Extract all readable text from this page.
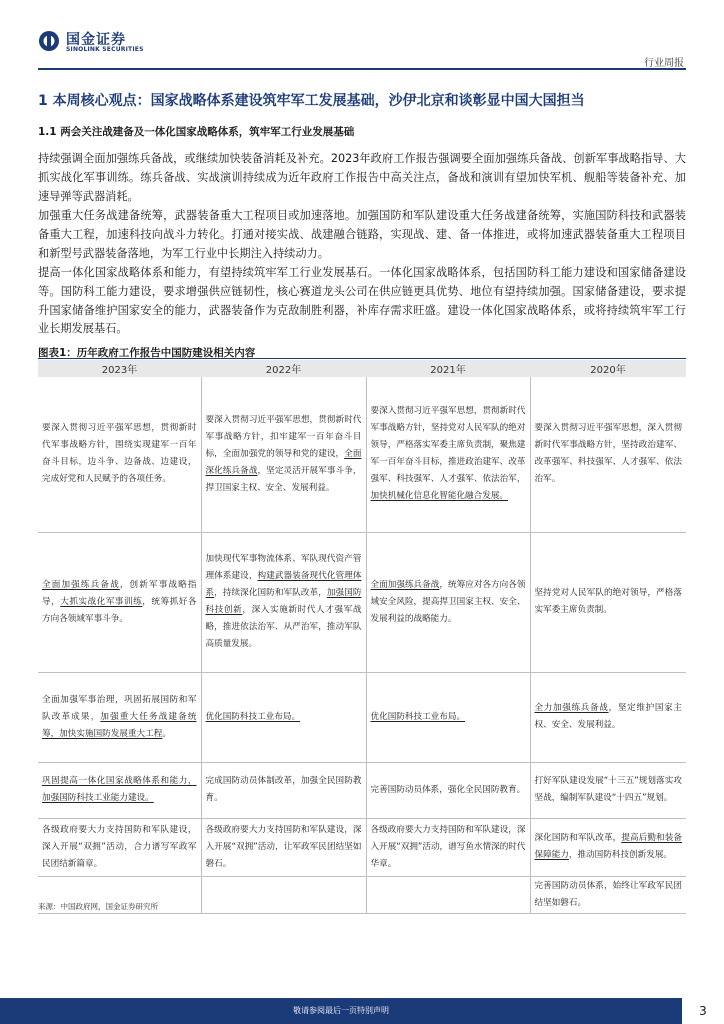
国金证券
SINOLINK SECURITIES
行业周报
1 本周核心观点：国家战略体系建设筑牢军工发展基础，沙伊北京和谈彰显中国大国担当
1.1 两会关注战建备及一体化国家战略体系，筑牢军工行业发展基础

持续强调全面加强练兵备战，或继续加快装备消耗及补充。2023年政府工作报告强调要全面加强练兵备战、创新军事战略指导、大抓实战化军事训练。练兵备战、实战演训持续成为近年政府工作报告中高关注点，备战和演训有望加快军机、舰船等装备补充、加速导弹等武器消耗。

加强重大任务战建备统筹，武器装备重大工程项目或加速落地。加强国防和军队建设重大任务战建备统筹，实施国防科技和武器装备重大工程，加速科技向战斗力转化。打通对接实战、战建融合链路，实现战、建、备一体推进，或将加速武器装备重大工程项目和新型号武器装备落地，为军工行业中长期注入持续动力。

提高一体化国家战略体系和能力，有望持续筑牢军工行业发展基石。一体化国家战略体系，包括国防科工能力建设和国家储备建设等。国防科工能力建设，要求增强供应链韧性，核心赛道龙头公司在供应链更具优势、地位有望持续加强。国家储备建设，要求提升国家储备维护国家安全的能力，武器装备作为克敌制胜利器，补库存需求旺盛。建设一体化国家战略体系，或将持续筑牢军工行业长期发展基石。

图表1：历年政府工作报告中国防建设相关内容
2023年	2022年	2021年	2020年
要深入贯彻习近平强军思想，贯彻新时代军事战略方针，围绕实现建军一百年奋斗目标，边斗争、边备战、边建设，完成好党和人民赋予的各项任务。	要深入贯彻习近平强军思想，贯彻新时代军事战略方针，扣牢建军一百年奋斗目标，全面加强党的领导和党的建设，全面深化练兵备战，坚定灵活开展军事斗争，捍卫国家主权、安全、发展利益。	要深入贯彻习近平强军思想，贯彻新时代军事战略方针，坚持党对人民军队的绝对领导，严格落实军委主席负责制，聚焦建军一百年奋斗目标，推进政治建军、改革强军、科技强军、人才强军、依法治军，加快机械化信息化智能化融合发展。	要深入贯彻习近平强军思想，深入贯彻新时代军事战略方针，坚持政治建军、改革强军、科技强军、人才强军、依法治军。
全面加强练兵备战，创新军事战略指导，大抓实战化军事训练，统筹抓好各方向各领域军事斗争。	加快现代军事物流体系、军队现代资产管理体系建设，构建武器装备现代化管理体系，持续深化国防和军队改革，加强国防科技创新，深入实施新时代人才强军战略，推进依法治军、从严治军，推动军队高质量发展。	全面加强练兵备战，统筹应对各方向各领域安全风险，提高捍卫国家主权、安全、发展利益的战略能力。	坚持党对人民军队的绝对领导，严格落实军委主席负责制。
全面加强军事治理，巩固拓展国防和军队改革成果，加强重大任务战建备统筹，加快实施国防发展重大工程。	优化国防科技工业布局。	优化国防科技工业布局。	全力加强练兵备战，坚定维护国家主权、安全、发展利益。
巩固提高一体化国家战略体系和能力，加强国防科技工业能力建设。	完成国防动员体制改革，加强全民国防教育。	完善国防动员体系，强化全民国防教育。	打好军队建设发展“十三五”规划落实攻坚战，编制军队建设“十四五”规划。
各级政府要大力支持国防和军队建设，深入开展“双拥”活动，合力谱写军政军民团结新篇章。	各级政府要大力支持国防和军队建设，深入开展“双拥”活动，让军政军民团结坚如磐石。	各级政府要大力支持国防和军队建设，深入开展“双拥”活动，谱写鱼水情深的时代华章。	深化国防和军队改革，提高后勤和装备保障能力，推动国防科技创新发展。
			完善国防动员体系，始终让军政军民团结坚如磐石。
来源：中国政府网，国金证券研究所
敬请参阅最后一页特别声明	3
